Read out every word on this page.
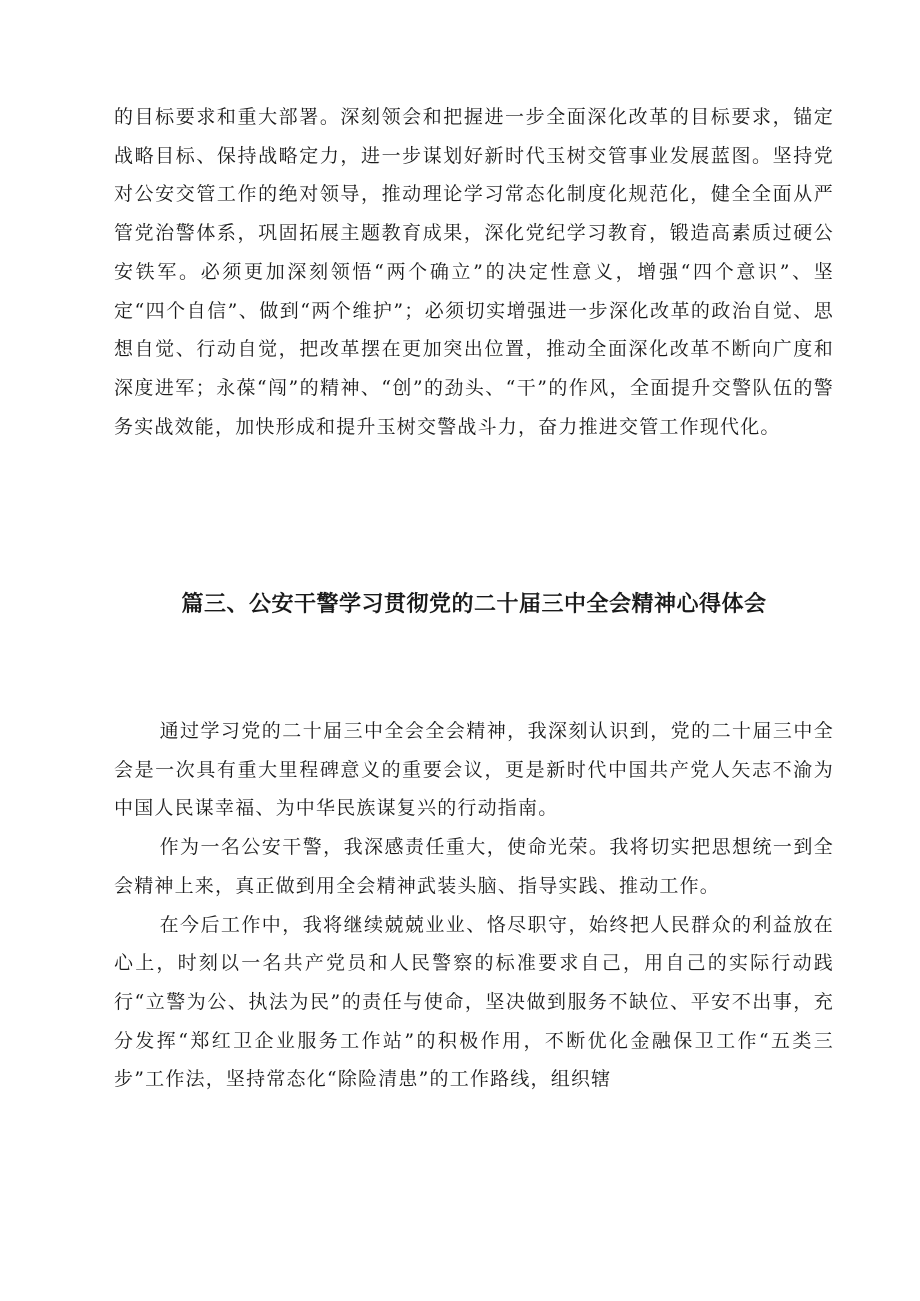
的目标要求和重大部署。深刻领会和把握进一步全面深化改革的目标要求，锚定战略目标、保持战略定力，进一步谋划好新时代玉树交管事业发展蓝图。坚持党对公安交管工作的绝对领导，推动理论学习常态化制度化规范化，健全全面从严管党治警体系，巩固拓展主题教育成果，深化党纪学习教育，锻造高素质过硬公安铁军。必须更加深刻领悟“两个确立”的决定性意义，增强“四个意识”、坚定“四个自信”、做到“两个维护”；必须切实增强进一步深化改革的政治自觉、思想自觉、行动自觉，把改革摆在更加突出位置，推动全面深化改革不断向广度和深度进军；永葆“闯”的精神、“创”的劲头、“干”的作风，全面提升交警队伍的警务实战效能，加快形成和提升玉树交警战斗力，奋力推进交管工作现代化。

篇三、公安干警学习贯彻党的二十届三中全会精神心得体会

通过学习党的二十届三中全会全会精神，我深刻认识到，党的二十届三中全会是一次具有重大里程碑意义的重要会议，更是新时代中国共产党人矢志不渝为中国人民谋幸福、为中华民族谋复兴的行动指南。

作为一名公安干警，我深感责任重大，使命光荣。我将切实把思想统一到全会精神上来，真正做到用全会精神武装头脑、指导实践、推动工作。

在今后工作中，我将继续兢兢业业、恪尽职守，始终把人民群众的利益放在心上，时刻以一名共产党员和人民警察的标准要求自己，用自己的实际行动践行“立警为公、执法为民”的责任与使命，坚决做到服务不缺位、平安不出事，充分发挥“郑红卫企业服务工作站”的积极作用，不断优化金融保卫工作“五类三步”工作法，坚持常态化“除险清患”的工作路线，组织辖
